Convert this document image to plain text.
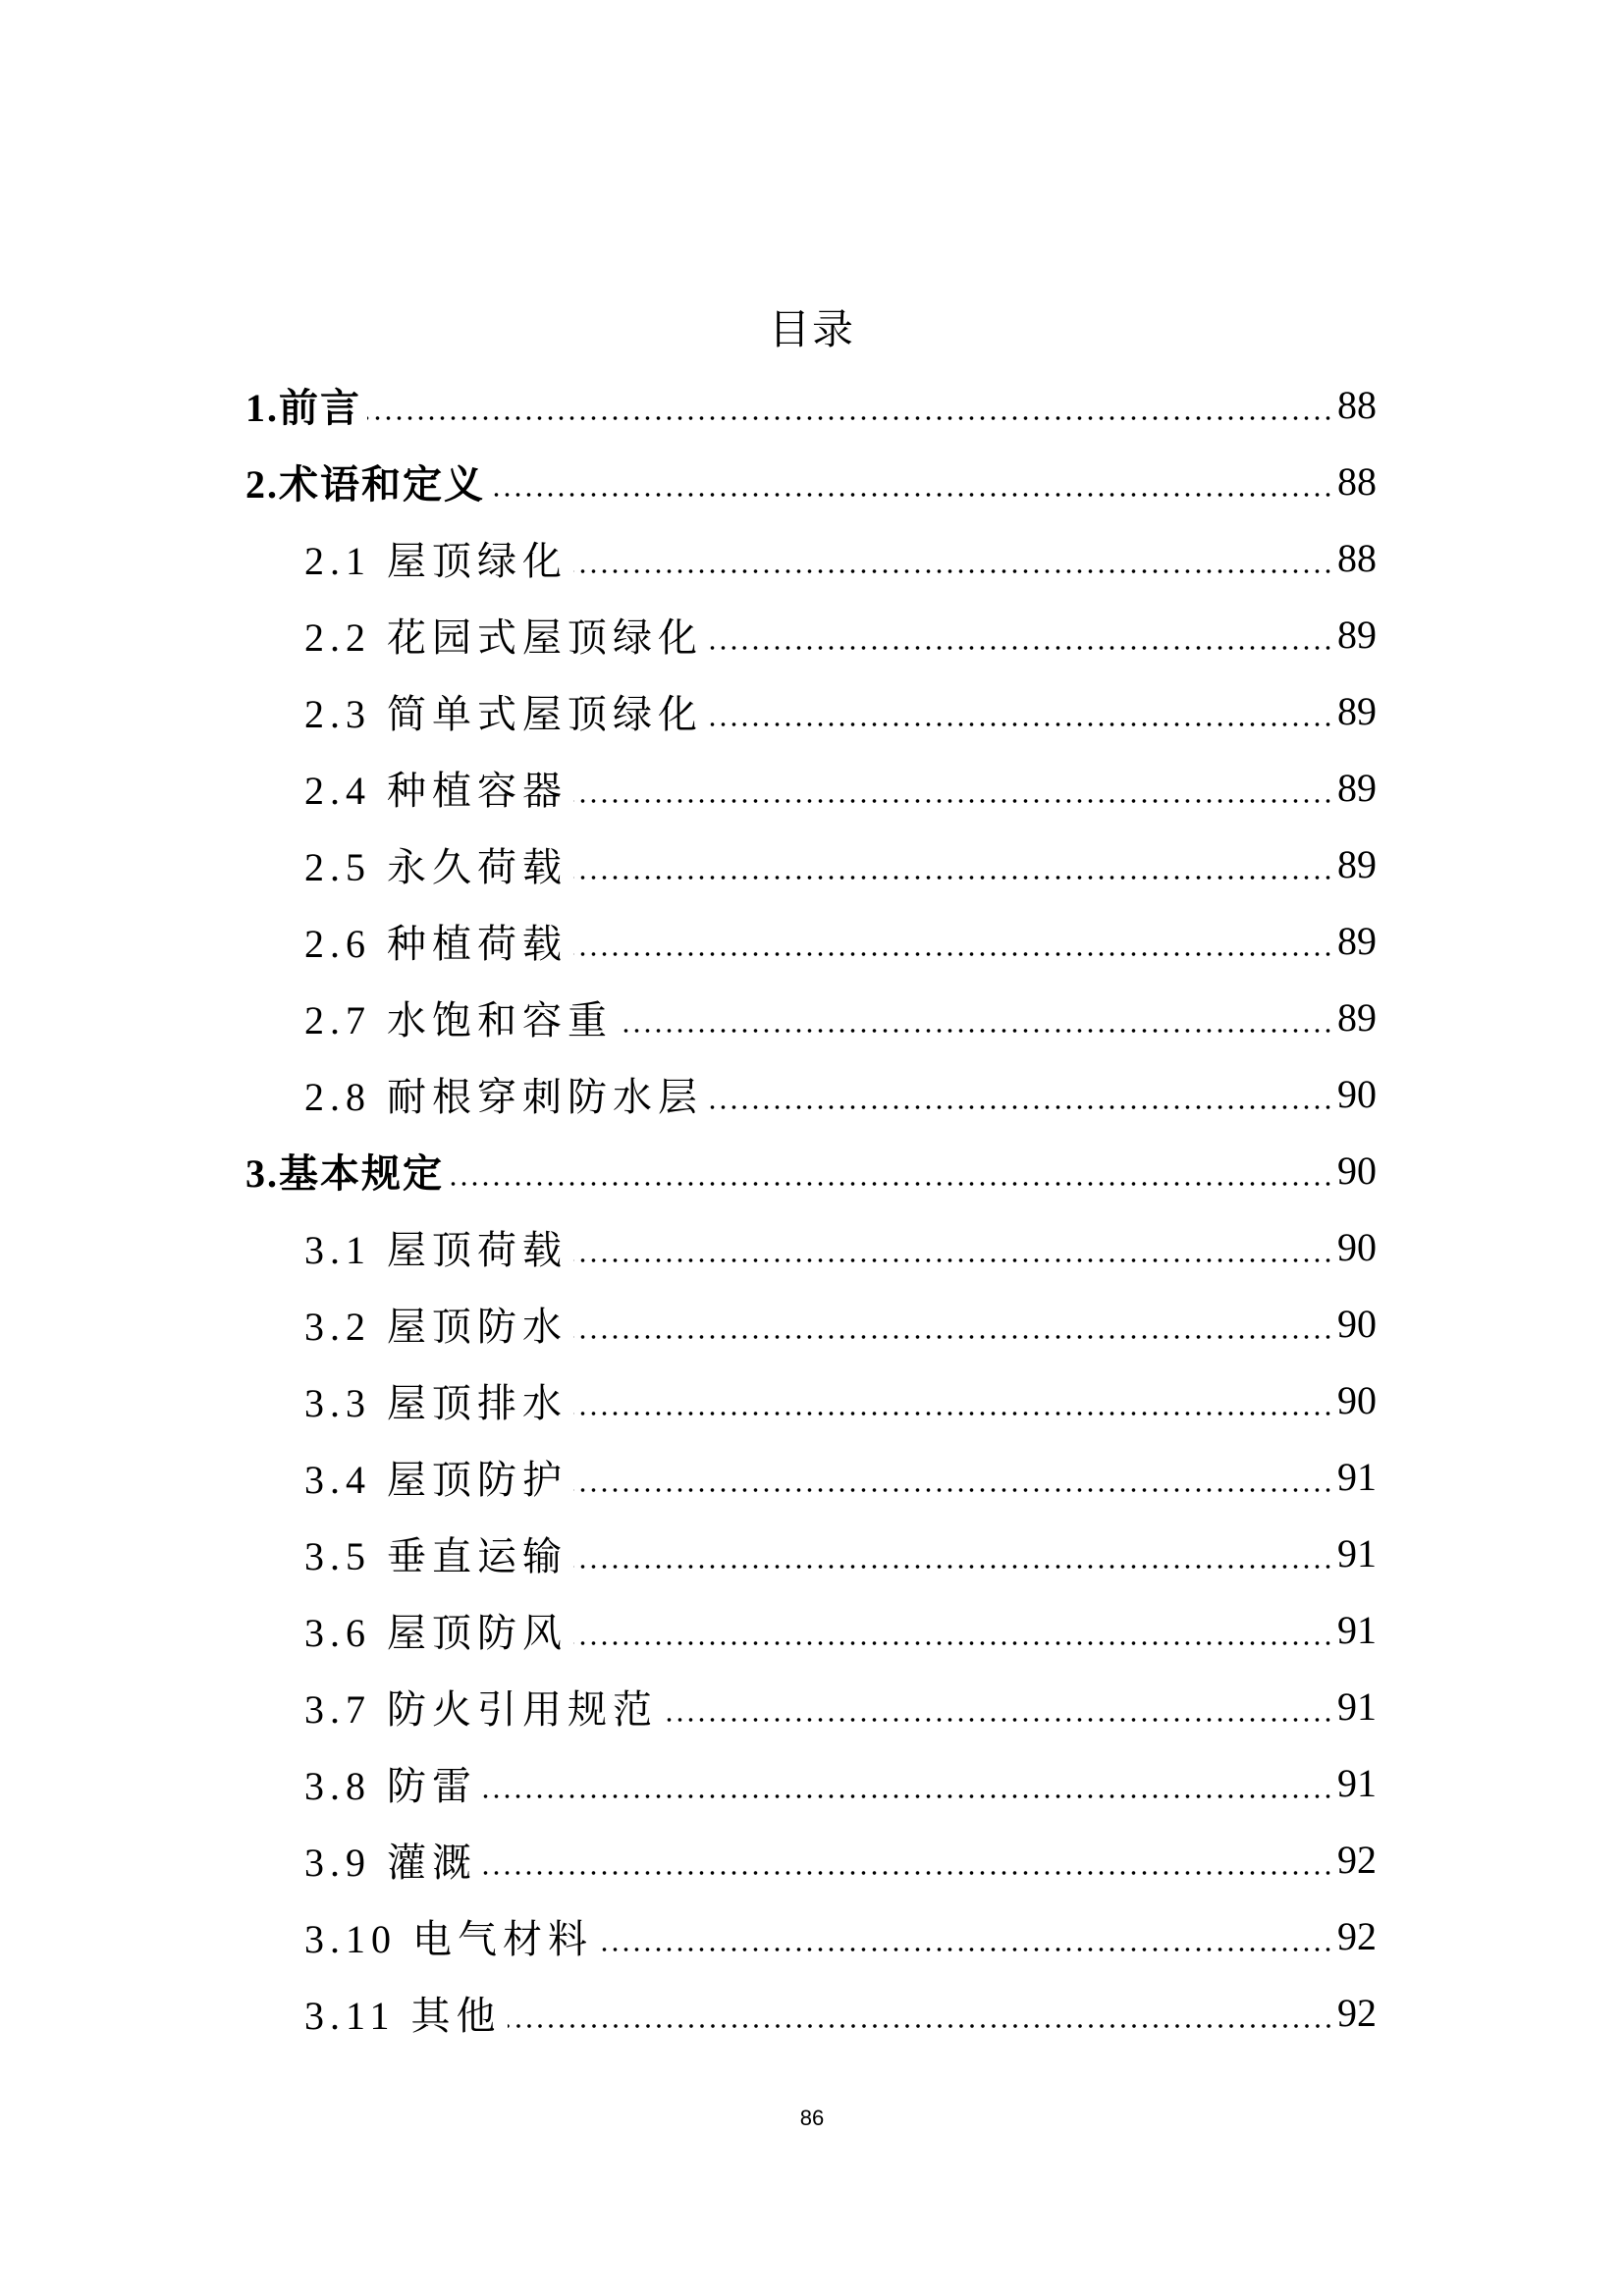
目录
1.前言	88
2.术语和定义	88
2.1 屋顶绿化	88
2.2 花园式屋顶绿化	89
2.3 简单式屋顶绿化	89
2.4 种植容器	89
2.5 永久荷载	89
2.6 种植荷载	89
2.7 水饱和容重	89
2.8 耐根穿刺防水层	90
3.基本规定	90
3.1 屋顶荷载	90
3.2 屋顶防水	90
3.3 屋顶排水	90
3.4 屋顶防护	91
3.5 垂直运输	91
3.6 屋顶防风	91
3.7 防火引用规范	91
3.8 防雷	91
3.9 灌溉	92
3.10 电气材料	92
3.11 其他	92
86
